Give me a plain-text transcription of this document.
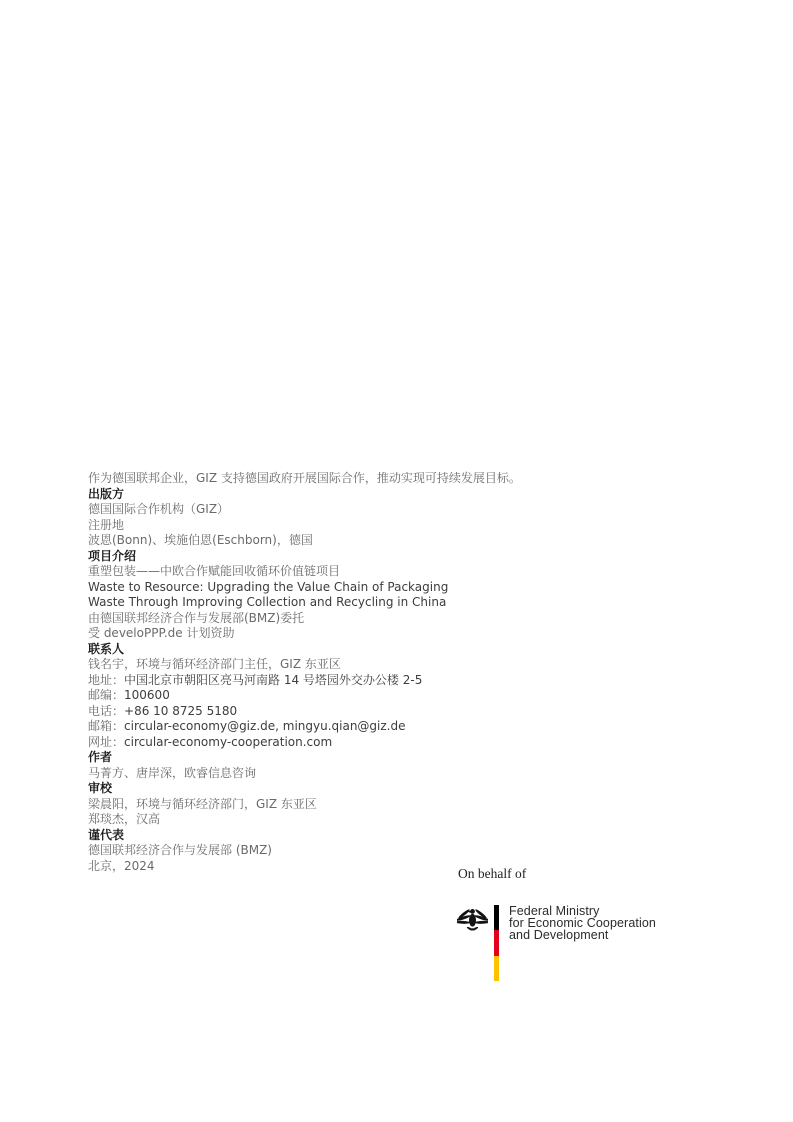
作为德国联邦企业，GIZ 支持德国政府开展国际合作，推动实现可持续发展目标。
出版方
德国国际合作机构（GIZ）
注册地
波恩(Bonn)、埃施伯恩(Eschborn)，德国
项目介绍
重塑包装——中欧合作赋能回收循环价值链项目
Waste to Resource: Upgrading the Value Chain of Packaging
Waste Through Improving Collection and Recycling in China
由德国联邦经济合作与发展部(BMZ)委托
受 develoPPP.de 计划资助
联系人
钱名宇，环境与循环经济部门主任，GIZ 东亚区
地址：中国北京市朝阳区亮马河南路 14 号塔园外交办公楼 2-5
邮编：100600
电话：+86 10 8725 5180
邮箱：circular-economy@giz.de, mingyu.qian@giz.de
网址：circular-economy-cooperation.com
作者
马菁方、唐岸深，欧睿信息咨询
审校
梁晨阳，环境与循环经济部门，GIZ 东亚区
郑琰杰，汉高
谨代表
德国联邦经济合作与发展部 (BMZ)
北京，2024
On behalf of
Federal Ministry
for Economic Cooperation
and Development
